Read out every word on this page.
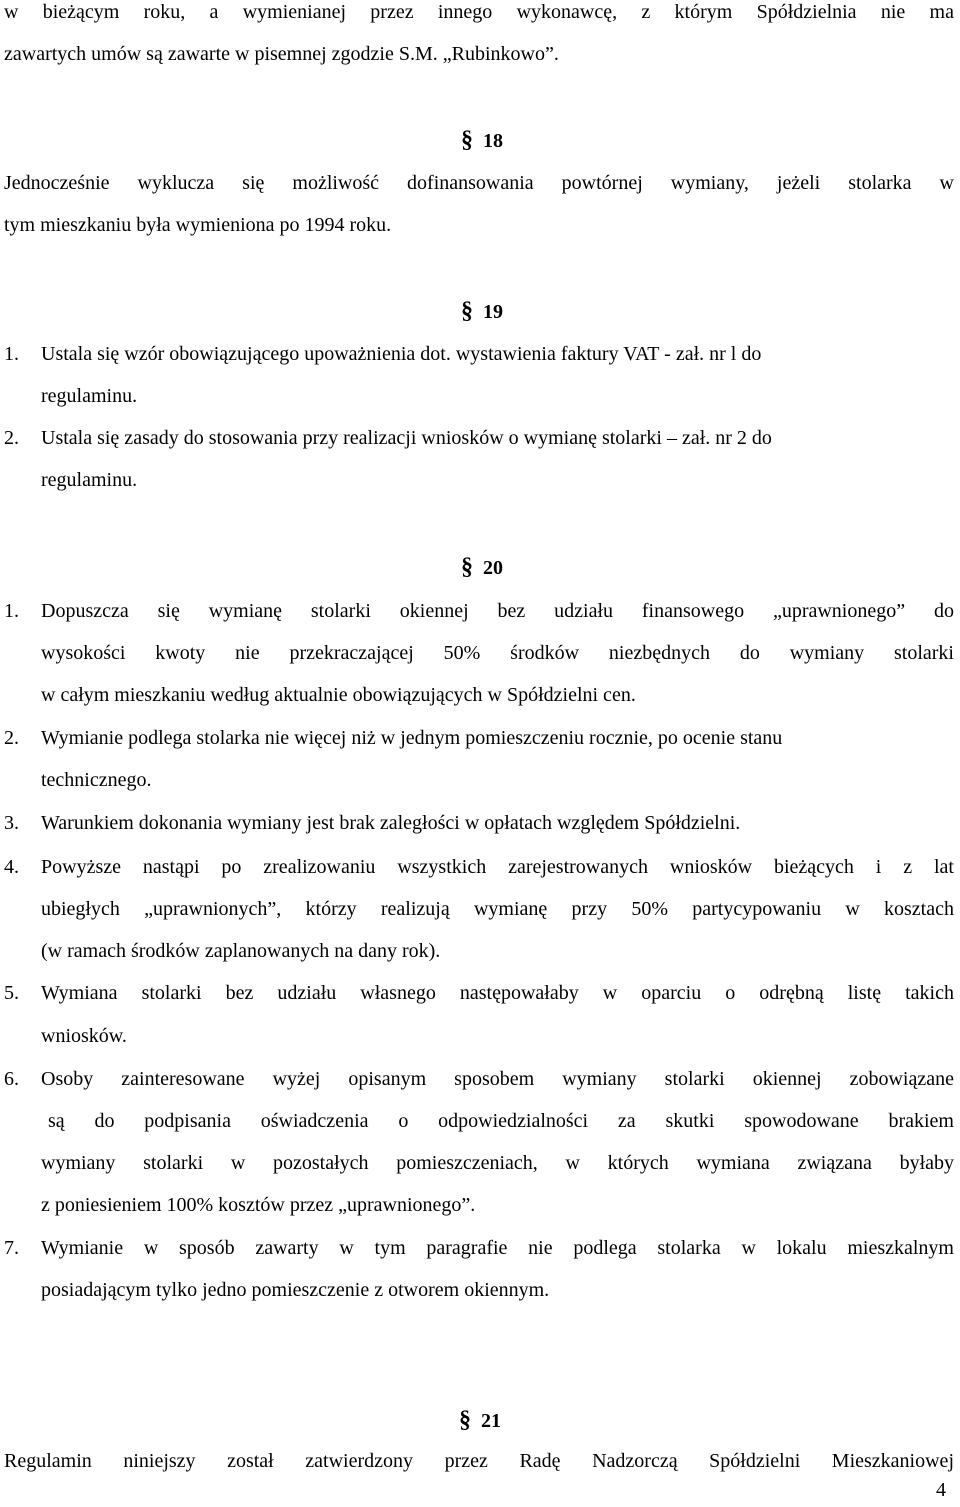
w bieżącym roku, a wymienianej przez innego wykonawcę, z którym Spółdzielnia nie ma
zawartych umów są zawarte w pisemnej zgodzie S.M. „Rubinkowo”.
§ 18
Jednocześnie wyklucza się możliwość dofinansowania powtórnej wymiany, jeżeli stolarka w
tym mieszkaniu była wymieniona po 1994 roku.
§ 19
1. Ustala się wzór obowiązującego upoważnienia dot. wystawienia faktury VAT - zał. nr l do
regulaminu.
2. Ustala się zasady do stosowania przy realizacji wniosków o wymianę stolarki – zał. nr 2 do
regulaminu.
§ 20
1. Dopuszcza się wymianę stolarki okiennej bez udziału finansowego „uprawnionego” do
wysokości kwoty nie przekraczającej 50% środków niezbędnych do wymiany stolarki
w całym mieszkaniu według aktualnie obowiązujących w Spółdzielni cen.
2. Wymianie podlega stolarka nie więcej niż w jednym pomieszczeniu rocznie, po ocenie stanu
technicznego.
3. Warunkiem dokonania wymiany jest brak zaległości w opłatach względem Spółdzielni.
4. Powyższe nastąpi po zrealizowaniu wszystkich zarejestrowanych wniosków bieżących i z lat
ubiegłych „uprawnionych”, którzy realizują wymianę przy 50% partycypowaniu w kosztach
(w ramach środków zaplanowanych na dany rok).
5. Wymiana stolarki bez udziału własnego następowałaby w oparciu o odrębną listę takich
wniosków.
6. Osoby zainteresowane wyżej opisanym sposobem wymiany stolarki okiennej zobowiązane
są do podpisania oświadczenia o odpowiedzialności za skutki spowodowane brakiem
wymiany stolarki w pozostałych pomieszczeniach, w których wymiana związana byłaby
z poniesieniem 100% kosztów przez „uprawnionego”.
7. Wymianie w sposób zawarty w tym paragrafie nie podlega stolarka w lokalu mieszkalnym
posiadającym tylko jedno pomieszczenie z otworem okiennym.
§ 21
Regulamin niniejszy został zatwierdzony przez Radę Nadzorczą Spółdzielni Mieszkaniowej
4
